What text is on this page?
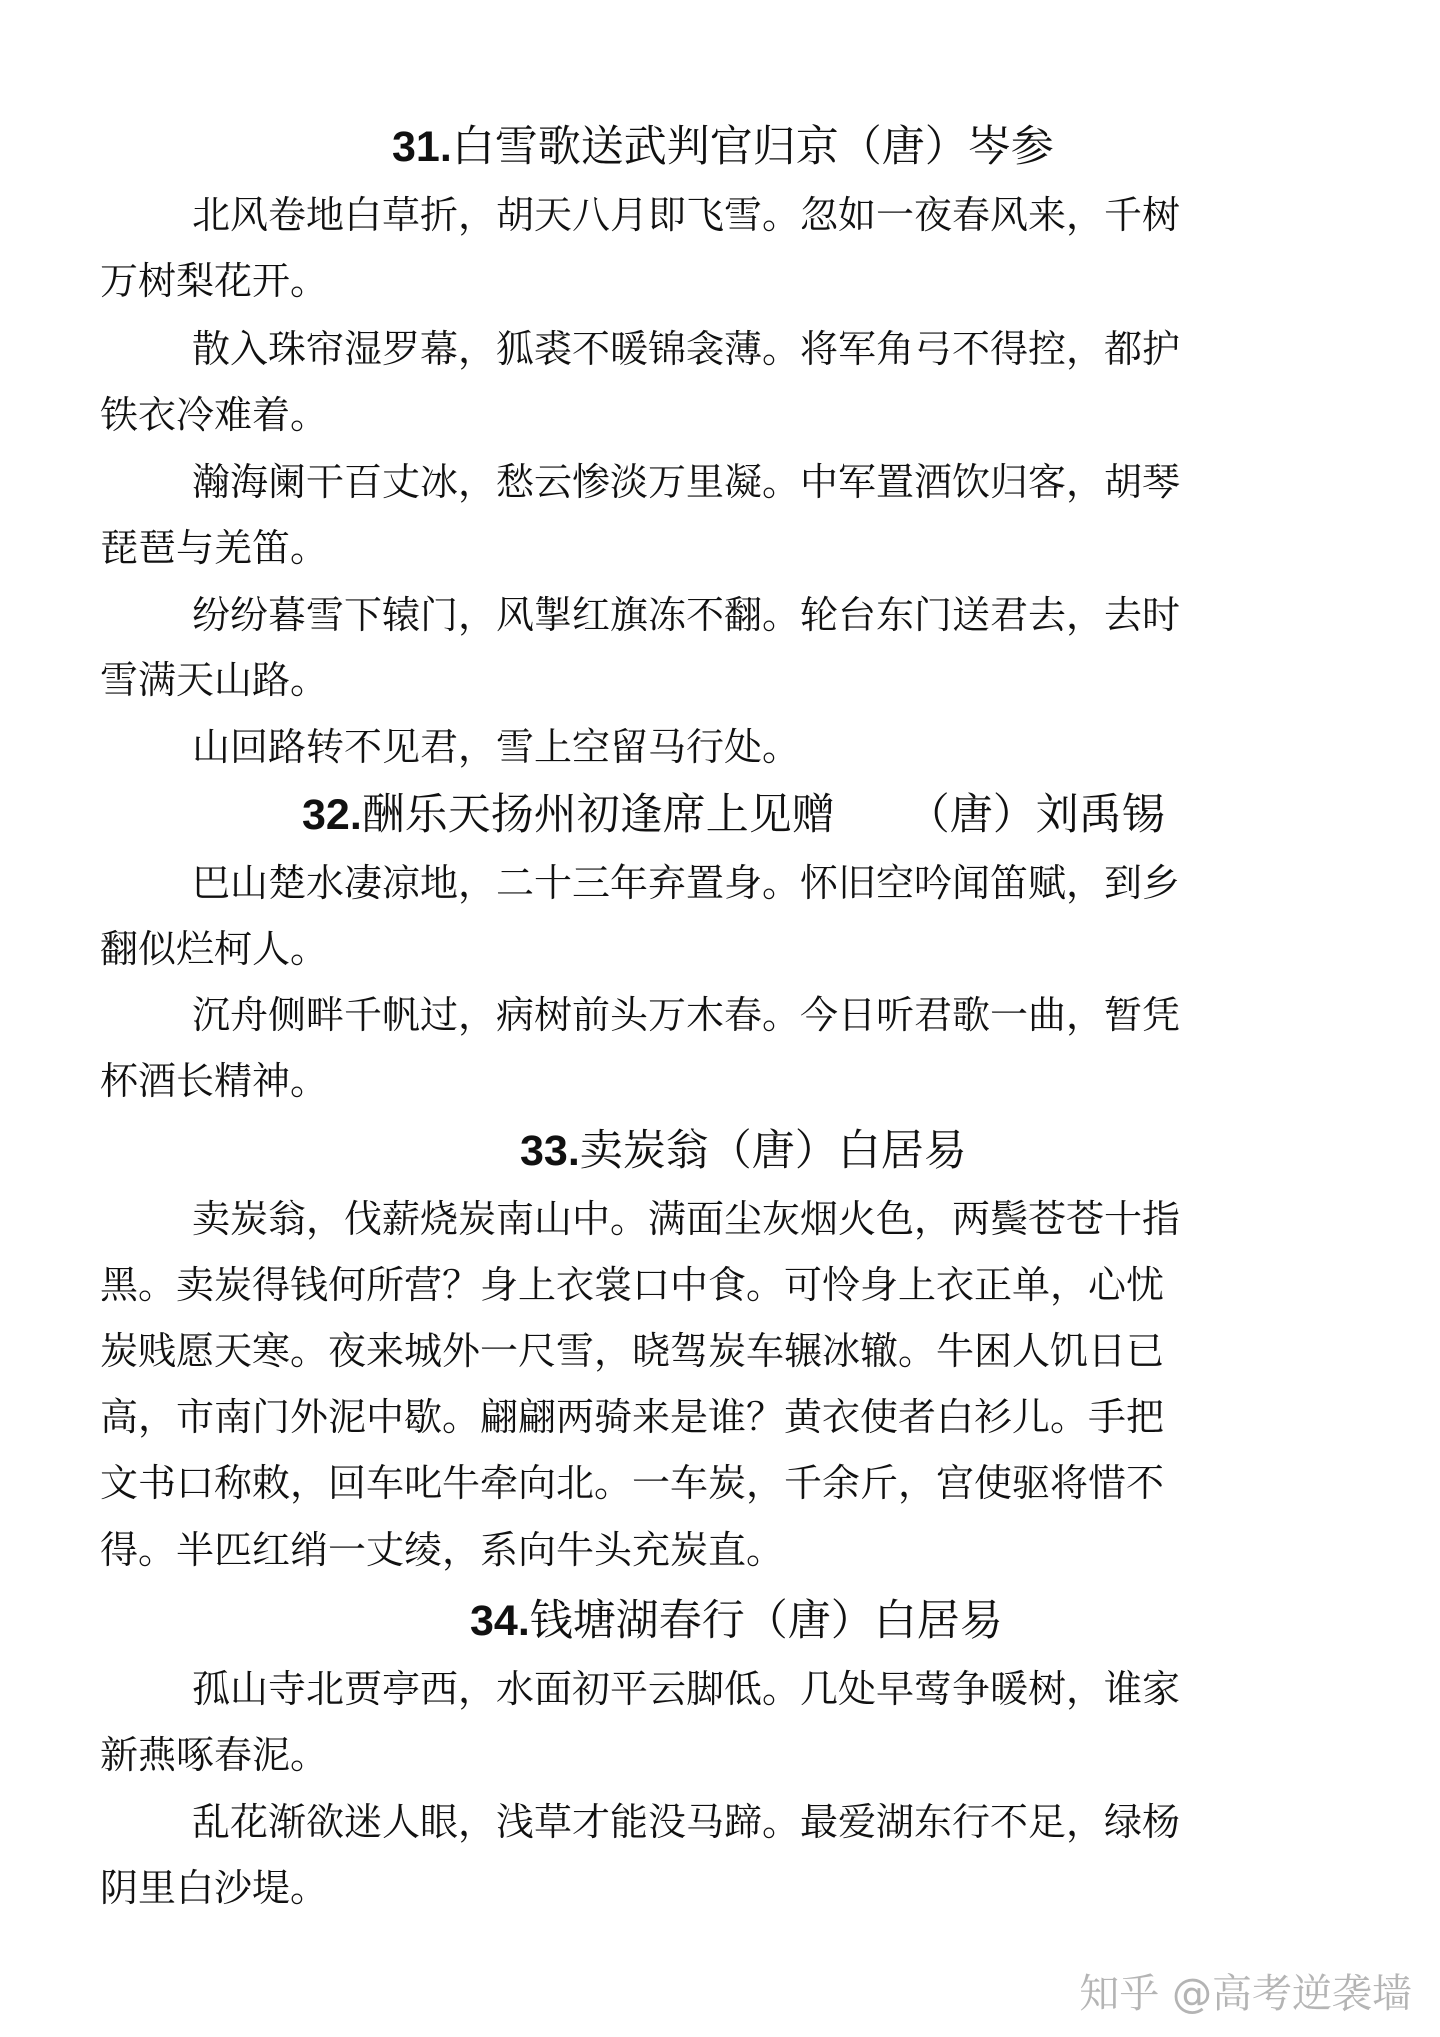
31.白雪歌送武判官归京（唐）岑参
北风卷地白草折，胡天八月即飞雪。忽如一夜春风来，千树
万树梨花开。
散入珠帘湿罗幕，狐裘不暖锦衾薄。将军角弓不得控，都护
铁衣冷难着。
瀚海阑干百丈冰，愁云惨淡万里凝。中军置酒饮归客，胡琴
琵琶与羌笛。
纷纷暮雪下辕门，风掣红旗冻不翻。轮台东门送君去，去时
雪满天山路。
山回路转不见君，雪上空留马行处。
32.酬乐天扬州初逢席上见赠 （唐）刘禹锡
巴山楚水凄凉地，二十三年弃置身。怀旧空吟闻笛赋，到乡
翻似烂柯人。
沉舟侧畔千帆过，病树前头万木春。今日听君歌一曲，暂凭
杯酒长精神。
33.卖炭翁（唐）白居易
卖炭翁，伐薪烧炭南山中。满面尘灰烟火色，两鬓苍苍十指
黑。卖炭得钱何所营？身上衣裳口中食。可怜身上衣正单，心忧
炭贱愿天寒。夜来城外一尺雪，晓驾炭车辗冰辙。牛困人饥日已
高，市南门外泥中歇。翩翩两骑来是谁？黄衣使者白衫儿。手把
文书口称敕，回车叱牛牵向北。一车炭，千余斤，宫使驱将惜不
得。半匹红绡一丈绫，系向牛头充炭直。
34.钱塘湖春行（唐）白居易
孤山寺北贾亭西，水面初平云脚低。几处早莺争暖树，谁家
新燕啄春泥。
乱花渐欲迷人眼，浅草才能没马蹄。最爱湖东行不足，绿杨
阴里白沙堤。
知乎 @高考逆袭墙
